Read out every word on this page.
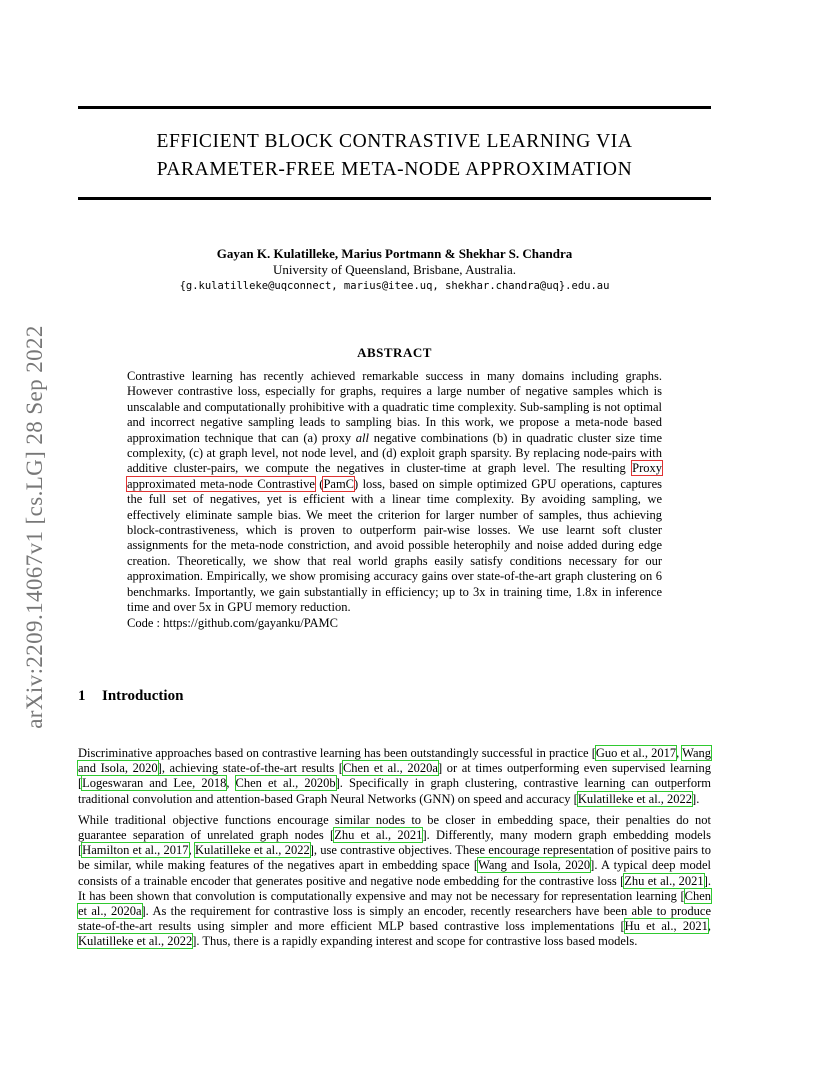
arXiv:2209.14067v1 [cs.LG] 28 Sep 2022
EFFICIENT BLOCK CONTRASTIVE LEARNING VIA
PARAMETER-FREE META-NODE APPROXIMATION
Gayan K. Kulatilleke, Marius Portmann & Shekhar S. Chandra
University of Queensland, Brisbane, Australia.
{g.kulatilleke@uqconnect, marius@itee.uq, shekhar.chandra@uq}.edu.au
ABSTRACT

Contrastive learning has recently achieved remarkable success in many domains including graphs. However contrastive loss, especially for graphs, requires a large number of negative samples which is unscalable and computationally prohibitive with a quadratic time complexity. Sub-sampling is not optimal and incorrect negative sampling leads to sampling bias. In this work, we propose a meta-node based approximation technique that can (a) proxy all negative combinations (b) in quadratic cluster size time complexity, (c) at graph level, not node level, and (d) exploit graph sparsity. By replacing node-pairs with additive cluster-pairs, we compute the negatives in cluster-time at graph level. The resulting Proxy approximated meta-node Contrastive (PamC) loss, based on simple optimized GPU operations, captures the full set of negatives, yet is efficient with a linear time complexity. By avoiding sampling, we effectively eliminate sample bias. We meet the criterion for larger number of samples, thus achieving block-contrastiveness, which is proven to outperform pair-wise losses. We use learnt soft cluster assignments for the meta-node constriction, and avoid possible heterophily and noise added during edge creation. Theoretically, we show that real world graphs easily satisfy conditions necessary for our approximation. Empirically, we show promising accuracy gains over state-of-the-art graph clustering on 6 benchmarks. Importantly, we gain substantially in efficiency; up to 3x in training time, 1.8x in inference time and over 5x in GPU memory reduction.

Code : https://github.com/gayanku/PAMC

1 Introduction

Discriminative approaches based on contrastive learning has been outstandingly successful in practice [Guo et al., 2017, Wang and Isola, 2020], achieving state-of-the-art results [Chen et al., 2020a] or at times outperforming even supervised learning [Logeswaran and Lee, 2018, Chen et al., 2020b]. Specifically in graph clustering, contrastive learning can outperform traditional convolution and attention-based Graph Neural Networks (GNN) on speed and accuracy [Kulatilleke et al., 2022].

While traditional objective functions encourage similar nodes to be closer in embedding space, their penalties do not guarantee separation of unrelated graph nodes [Zhu et al., 2021]. Differently, many modern graph embedding models [Hamilton et al., 2017, Kulatilleke et al., 2022], use contrastive objectives. These encourage representation of positive pairs to be similar, while making features of the negatives apart in embedding space [Wang and Isola, 2020]. A typical deep model consists of a trainable encoder that generates positive and negative node embedding for the contrastive loss [Zhu et al., 2021]. It has been shown that convolution is computationally expensive and may not be necessary for representation learning [Chen et al., 2020a]. As the requirement for contrastive loss is simply an encoder, recently researchers have been able to produce state-of-the-art results using simpler and more efficient MLP based contrastive loss implementations [Hu et al., 2021, Kulatilleke et al., 2022]. Thus, there is a rapidly expanding interest and scope for contrastive loss based models.
